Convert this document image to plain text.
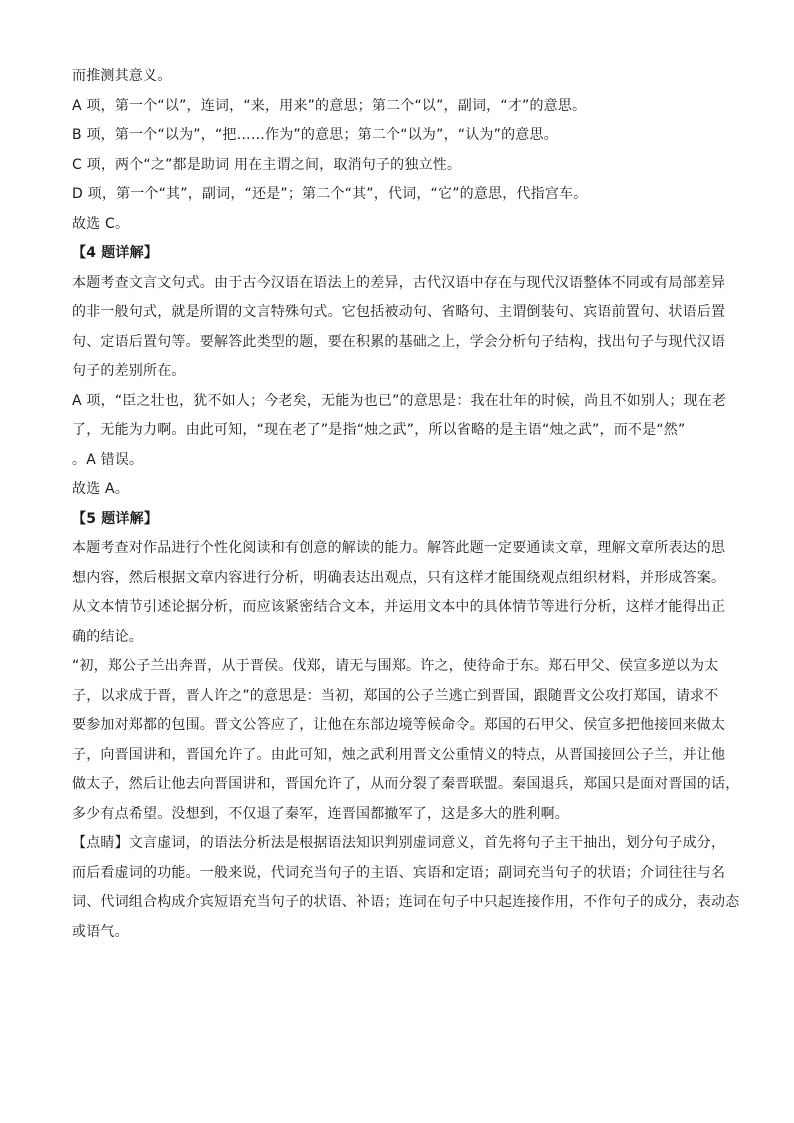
而推测其意义。
A 项，第一个“以”，连词，“来，用来”的意思；第二个“以”，副词，“才”的意思。
B 项，第一个“以为”，“把……作为”的意思；第二个“以为”，“认为”的意思。
C 项，两个“之”都是助词 用在主谓之间，取消句子的独立性。
D 项，第一个“其”，副词，“还是”；第二个“其”，代词，“它”的意思，代指宫车。
故选 C。
【4 题详解】
本题考查文言文句式。由于古今汉语在语法上的差异，古代汉语中存在与现代汉语整体不同或有局部差异
的非一般句式，就是所谓的文言特殊句式。它包括被动句、省略句、主谓倒装句、宾语前置句、状语后置
句、定语后置句等。要解答此类型的题，要在积累的基础之上，学会分析句子结构，找出句子与现代汉语
句子的差别所在。
A 项，“臣之壮也，犹不如人；今老矣，无能为也已”的意思是：我在壮年的时候，尚且不如别人；现在老
了，无能为力啊。由此可知，“现在老了”是指“烛之武”，所以省略的是主语“烛之武”，而不是“然”
。A 错误。
故选 A。
【5 题详解】
本题考查对作品进行个性化阅读和有创意的解读的能力。解答此题一定要通读文章，理解文章所表达的思
想内容，然后根据文章内容进行分析，明确表达出观点，只有这样才能围绕观点组织材料，并形成答案。
从文本情节引述论据分析，而应该紧密结合文本，并运用文本中的具体情节等进行分析，这样才能得出正
确的结论。
“初，郑公子兰出奔晋，从于晋侯。伐郑，请无与围郑。许之，使待命于东。郑石甲父、侯宣多逆以为太
子，以求成于晋，晋人许之”的意思是：当初，郑国的公子兰逃亡到晋国，跟随晋文公攻打郑国，请求不
要参加对郑都的包围。晋文公答应了，让他在东部边境等候命令。郑国的石甲父、侯宣多把他接回来做太
子，向晋国讲和，晋国允许了。由此可知，烛之武利用晋文公重情义的特点，从晋国接回公子兰，并让他
做太子，然后让他去向晋国讲和，晋国允许了，从而分裂了秦晋联盟。秦国退兵，郑国只是面对晋国的话，
多少有点希望。没想到，不仅退了秦军，连晋国都撤军了，这是多大的胜利啊。
【点睛】文言虚词，的语法分析法是根据语法知识判别虚词意义，首先将句子主干抽出，划分句子成分，
而后看虚词的功能。一般来说，代词充当句子的主语、宾语和定语；副词充当句子的状语；介词往往与名
词、代词组合构成介宾短语充当句子的状语、补语；连词在句子中只起连接作用，不作句子的成分，表动态
或语气。
